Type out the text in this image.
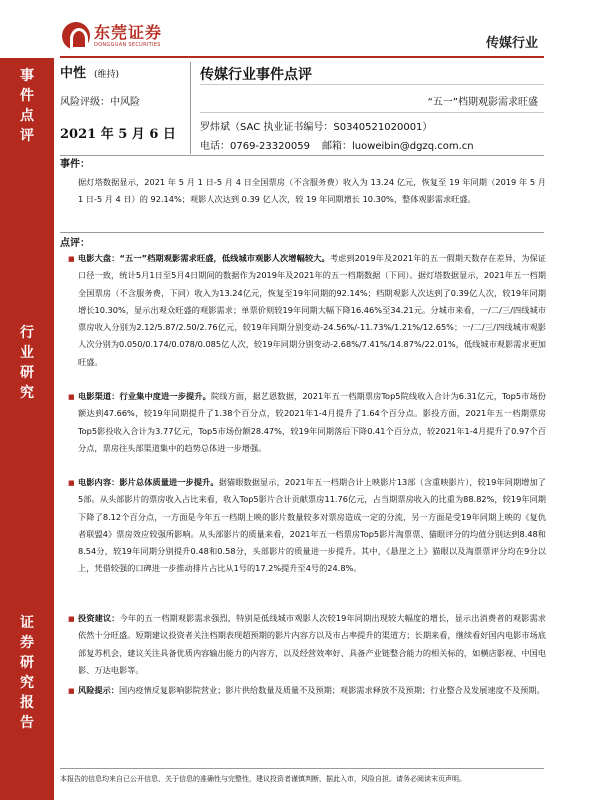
东莞证券
DONGGUAN SECURITIES	传媒行业
事
件
点
评
行
业
研
究
证
券
研
究
报
告
中性 (维持)
风险评级：中风险
2021 年 5 月 6 日
传媒行业事件点评
“五一”档期观影需求旺盛
罗炜斌（SAC 执业证书编号：S0340521020001）
电话：0769-23320059 邮箱：luoweibin@dgzq.com.cn
事件：
据灯塔数据显示，2021 年 5 月 1 日-5 月 4 日全国票房（不含服务费）收入为 13.24 亿元，恢复至 19 年同期（2019 年 5 月 1 日-5 月 4 日）的 92.14%；观影人次达到 0.39 亿人次，较 19 年同期增长 10.30%，整体观影需求旺盛。
点评：
■ 电影大盘：“五一”档期观影需求旺盛，低线城市观影人次增幅较大。考虑到2019年及2021年的五一假期天数存在差异，为保证口径一致，统计5月1日至5月4日期间的数据作为2019年及2021年的五一档期数据（下同）。据灯塔数据显示，2021年五一档期全国票房（不含服务费，下同）收入为13.24亿元，恢复至19年同期的92.14%；档期观影人次达到了0.39亿人次，较19年同期增长10.30%，显示出观众旺盛的观影需求；单票价则较19年同期大幅下降16.46%至34.21元。分城市来看，一/二/三/四线城市票房收入分别为2.12/5.87/2.50/2.76亿元，较19年同期分别变动-24.56%/-11.73%/1.21%/12.65%；一/二/三/四线城市观影人次分别为0.050/0.174/0.078/0.085亿人次，较19年同期分别变动-2.68%/7.41%/14.87%/22.01%，低线城市观影需求更加旺盛。
■ 电影渠道：行业集中度进一步提升。院线方面，据艺恩数据，2021年五一档期票房Top5院线收入合计为6.31亿元，Top5市场份额达到47.66%，较19年同期提升了1.38个百分点，较2021年1-4月提升了1.64个百分点。影投方面，2021年五一档期票房Top5影投收入合计为3.77亿元，Top5市场份额28.47%，较19年同期落后下降0.41个百分点，较2021年1-4月提升了0.97个百分点，票房往头部渠道集中的趋势总体进一步增强。
■ 电影内容：影片总体质量进一步提升。据猫眼数据显示，2021年五一档期合计上映影片13部（含重映影片），较19年同期增加了5部。从头部影片的票房收入占比来看，收入Top5影片合计贡献票房11.76亿元，占当期票房收入的比重为88.82%，较19年同期下降了8.12个百分点，一方面是今年五一档期上映的影片数量较多对票房造成一定的分流，另一方面是受19年同期上映的《复仇者联盟4》票房效应较强所影响。从头部影片的质量来看，2021年五一档票房Top5影片淘票票、猫眼评分的均值分别达到8.48和8.54分，较19年同期分别提升0.48和0.58分，头部影片的质量进一步提升。其中，《悬崖之上》猫眼以及淘票票评分均在9分以上，凭借较强的口碑进一步推动排片占比从1号的17.2%提升至4号的24.8%。
■ 投资建议：今年的五一档期观影需求强烈，特别是低线城市观影人次较19年同期出现较大幅度的增长，显示出消费者的观影需求依然十分旺盛。短期建议投资者关注档期表现超预期的影片内容方以及市占率提升的渠道方；长期来看，继续看好国内电影市场底部复苏机会，建议关注具备优质内容输出能力的内容方，以及经营效率好、具备产业链整合能力的相关标的，如横店影视、中国电影、万达电影等。
■ 风险提示：国内疫情反复影响影院营业；影片供给数量及质量不及预期；观影需求释放不及预期；行业整合及发展速度不及预期。
本报告的信息均来自已公开信息，关于信息的准确性与完整性，建议投资者谨慎判断，据此入市，风险自担。请务必阅读末页声明。
